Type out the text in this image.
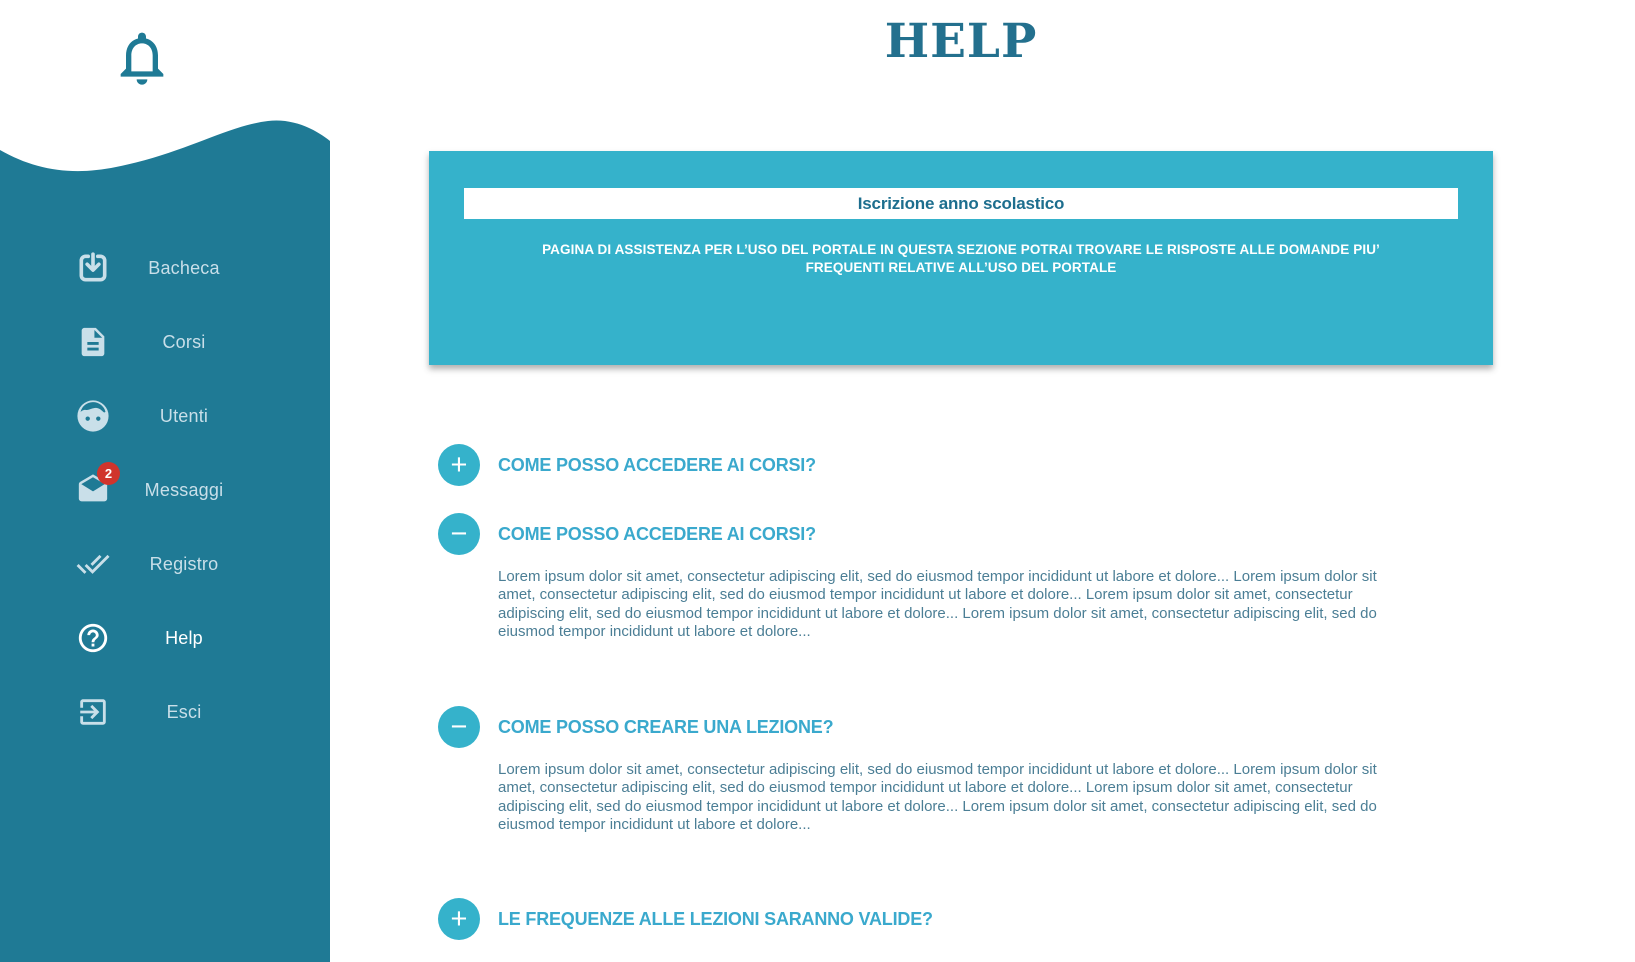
Bacheca
Corsi
Utenti
2
Messaggi
Registro
Help
Esci
HELP
Iscrizione anno scolastico
PAGINA DI ASSISTENZA PER L’USO DEL PORTALE IN QUESTA SEZIONE POTRAI TROVARE LE RISPOSTE ALLE DOMANDE PIU’ FREQUENTI RELATIVE ALL’USO DEL PORTALE
+ COME POSSO ACCEDERE AI CORSI?
− COME POSSO ACCEDERE AI CORSI?
Lorem ipsum dolor sit amet, consectetur adipiscing elit, sed do eiusmod tempor incididunt ut labore et dolore... Lorem ipsum dolor sit amet, consectetur adipiscing elit, sed do eiusmod tempor incididunt ut labore et dolore... Lorem ipsum dolor sit amet, consectetur adipiscing elit, sed do eiusmod tempor incididunt ut labore et dolore... Lorem ipsum dolor sit amet, consectetur adipiscing elit, sed do eiusmod tempor incididunt ut labore et dolore...
− COME POSSO CREARE UNA LEZIONE?
Lorem ipsum dolor sit amet, consectetur adipiscing elit, sed do eiusmod tempor incididunt ut labore et dolore... Lorem ipsum dolor sit amet, consectetur adipiscing elit, sed do eiusmod tempor incididunt ut labore et dolore... Lorem ipsum dolor sit amet, consectetur adipiscing elit, sed do eiusmod tempor incididunt ut labore et dolore... Lorem ipsum dolor sit amet, consectetur adipiscing elit, sed do eiusmod tempor incididunt ut labore et dolore...
+ LE FREQUENZE ALLE LEZIONI SARANNO VALIDE?
